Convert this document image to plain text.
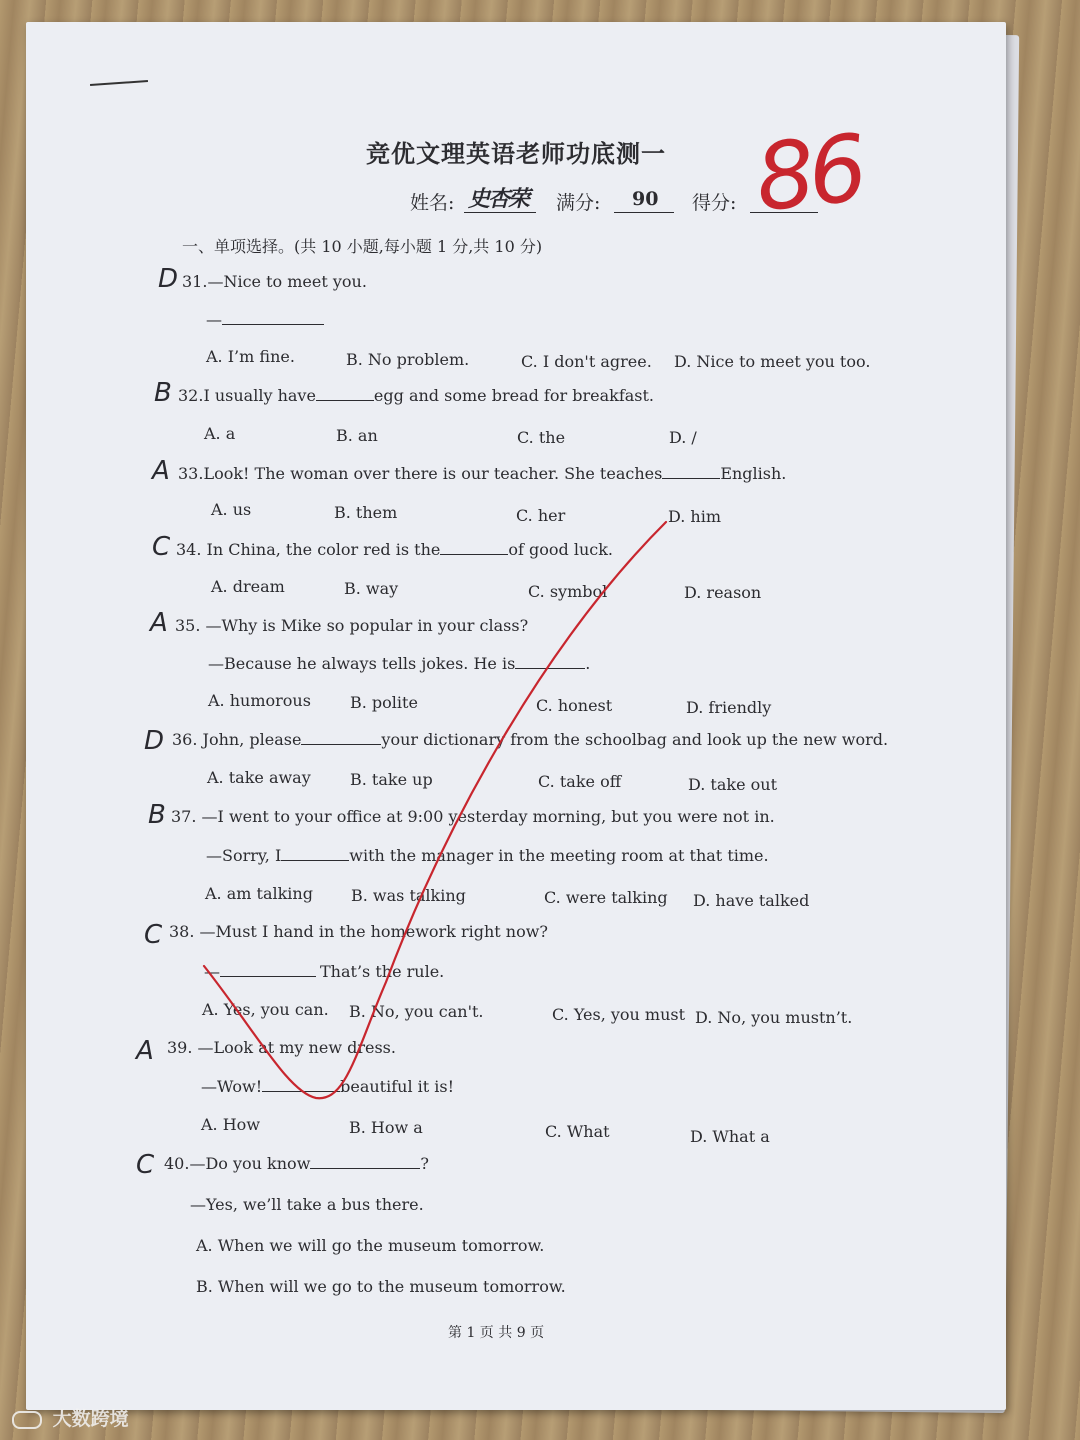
竞优文理英语老师功底测一
姓名:	满分: 90 得分:
一、单项选择。(共 10 小题,每小题 1 分,共 10 分)
31.—Nice to meet you.
—
A. I’m fine.	B. No problem.	C. I don't agree. D. Nice to meet you too.
32.I usually have	egg and some bread for breakfast.
A. a	B. an	C. the	D. /
33.Look! The woman over there is our teacher. She teaches	English.
A. us	B. them	C. her	D. him
34. In China, the color red is the	of good luck.
A. dream	B. way	C. symbol	D. reason
35. —Why is Mike so popular in your class?
—Because he always tells jokes. He is	.
A. humorous B. polite	C. honest	D. friendly
36. John, please	your dictionary from the schoolbag and look up the new word.
A. take away B. take up	C. take off	D. take out
37. —I went to your office at 9:00 yesterday morning, but you were not in.
—Sorry, I	with the manager in the meeting room at that time.
A. am talking B. was talking	C. were talking D. have talked
38. —Must I hand in the homework right now?
—	That’s the rule.
A. Yes, you can. B. No, you can't.	C. Yes, you must D. No, you mustn’t.
39. —Look at my new dress.
—Wow!	beautiful it is!
A. How	B. How a	C. What	D. What a
40.—Do you know	?
—Yes, we’ll take a bus there.
A. When we will go the museum tomorrow.
B. When will we go to the museum tomorrow.
第 1 页 共 9 页
D
B
A
C
A
D
B
C
A
C
史杏荣 86
大数跨境
